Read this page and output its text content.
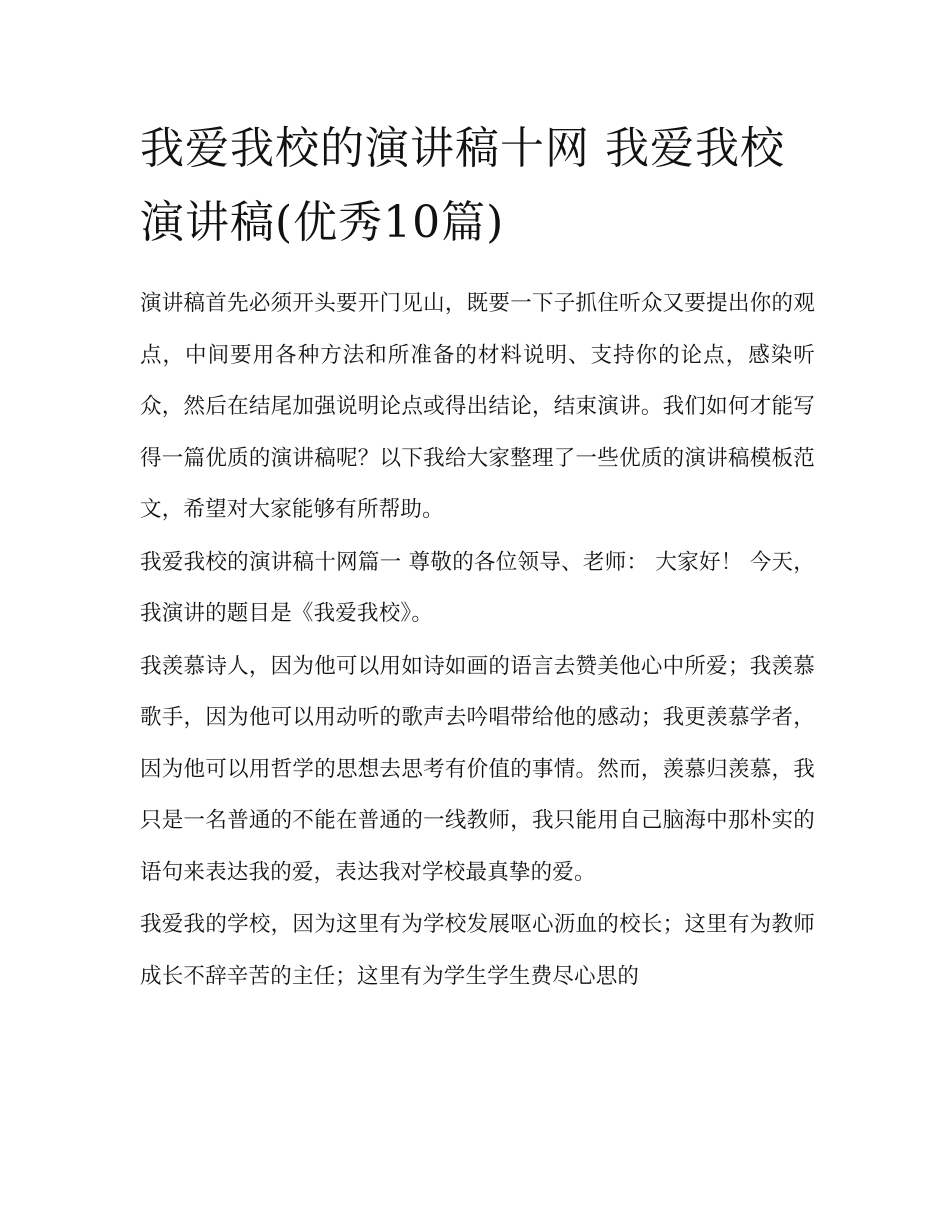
我爱我校的演讲稿十网 我爱我校演讲稿(优秀10篇)

演讲稿首先必须开头要开门见山，既要一下子抓住听众又要提出你的观点，中间要用各种方法和所准备的材料说明、支持你的论点，感染听众，然后在结尾加强说明论点或得出结论，结束演讲。我们如何才能写得一篇优质的演讲稿呢？以下我给大家整理了一些优质的演讲稿模板范文，希望对大家能够有所帮助。

我爱我校的演讲稿十网篇一 尊敬的各位领导、老师： 大家好！ 今天，我演讲的题目是《我爱我校》。

我羡慕诗人，因为他可以用如诗如画的语言去赞美他心中所爱；我羡慕歌手，因为他可以用动听的歌声去吟唱带给他的感动；我更羡慕学者，因为他可以用哲学的思想去思考有价值的事情。然而，羡慕归羡慕，我只是一名普通的不能在普通的一线教师，我只能用自己脑海中那朴实的语句来表达我的爱，表达我对学校最真挚的爱。

我爱我的学校，因为这里有为学校发展呕心沥血的校长；这里有为教师成长不辞辛苦的主任；这里有为学生学生费尽心思的
